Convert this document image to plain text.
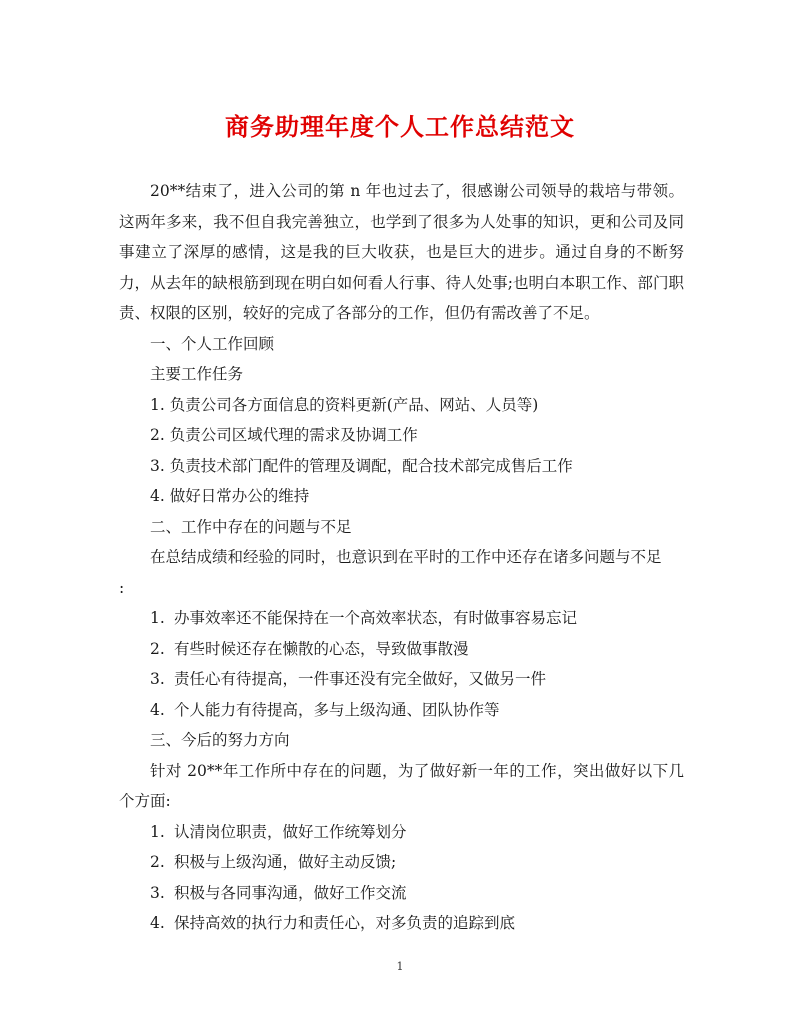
商务助理年度个人工作总结范文

20**结束了，进入公司的第 n 年也过去了，很感谢公司领导的栽培与带领。这两年多来，我不但自我完善独立，也学到了很多为人处事的知识，更和公司及同事建立了深厚的感情，这是我的巨大收获，也是巨大的进步。通过自身的不断努力，从去年的缺根筋到现在明白如何看人行事、待人处事;也明白本职工作、部门职责、权限的区别，较好的完成了各部分的工作，但仍有需改善了不足。

一、个人工作回顾

主要工作任务

1. 负责公司各方面信息的资料更新(产品、网站、人员等)

2. 负责公司区域代理的需求及协调工作

3. 负责技术部门配件的管理及调配，配合技术部完成售后工作

4. 做好日常办公的维持

二、工作中存在的问题与不足

在总结成绩和经验的同时，也意识到在平时的工作中还存在诸多问题与不足

:

1. 办事效率还不能保持在一个高效率状态，有时做事容易忘记

2. 有些时候还存在懒散的心态，导致做事散漫

3. 责任心有待提高，一件事还没有完全做好，又做另一件

4. 个人能力有待提高，多与上级沟通、团队协作等

三、今后的努力方向

针对 20**年工作所中存在的问题，为了做好新一年的工作，突出做好以下几个方面:

1. 认清岗位职责，做好工作统筹划分

2. 积极与上级沟通，做好主动反馈;

3. 积极与各同事沟通，做好工作交流

4. 保持高效的执行力和责任心，对多负责的追踪到底

1
